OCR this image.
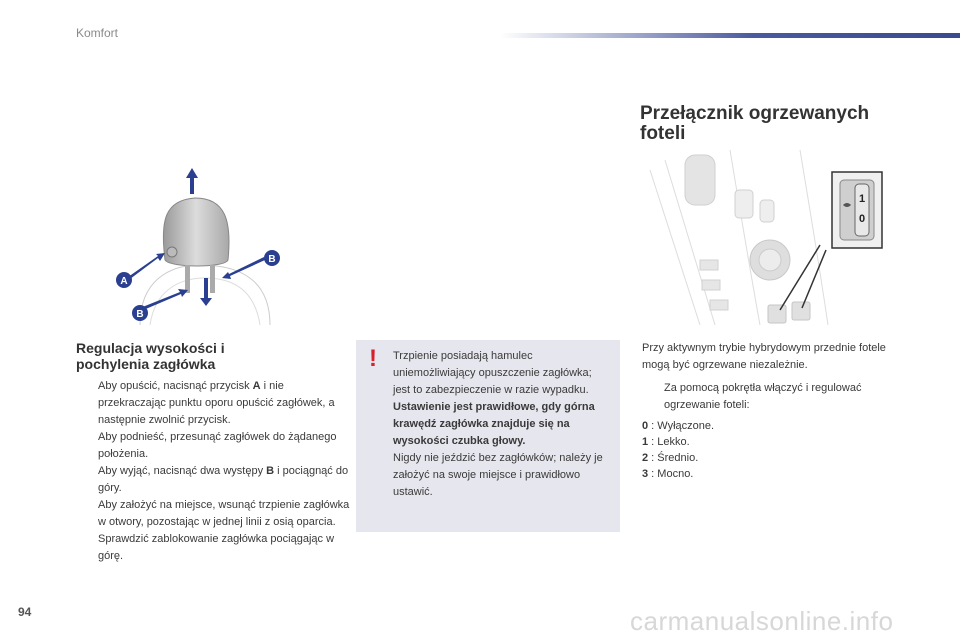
Komfort
A
B
B
1
0
Przełącznik ogrzewanych
foteli
Regulacja wysokości i
pochylenia zagłówka
Aby opuścić, nacisnąć przycisk A i nie przekraczając punktu oporu opuścić zagłówek, a następnie zwolnić przycisk.
Aby podnieść, przesunąć zagłówek do żądanego położenia.
Aby wyjąć, nacisnąć dwa występy B i pociągnąć do góry.
Aby założyć na miejsce, wsunąć trzpienie zagłówka w otwory, pozostając w jednej linii z osią oparcia. Sprawdzić zablokowanie zagłówka pociągając w górę.
! Trzpienie posiadają hamulec uniemożliwiający opuszczenie zagłówka; jest to zabezpieczenie w razie wypadku.
Ustawienie jest prawidłowe, gdy górna krawędź zagłówka znajduje się na wysokości czubka głowy.
Nigdy nie jeździć bez zagłówków; należy je założyć na swoje miejsce i prawidłowo ustawić.
Przy aktywnym trybie hybrydowym przednie fotele mogą być ogrzewane niezależnie.
Za pomocą pokrętła włączyć i regulować ogrzewanie foteli:
0 : Wyłączone.
1 : Lekko.
2 : Średnio.
3 : Mocno.
94	carmanualsonline.info
